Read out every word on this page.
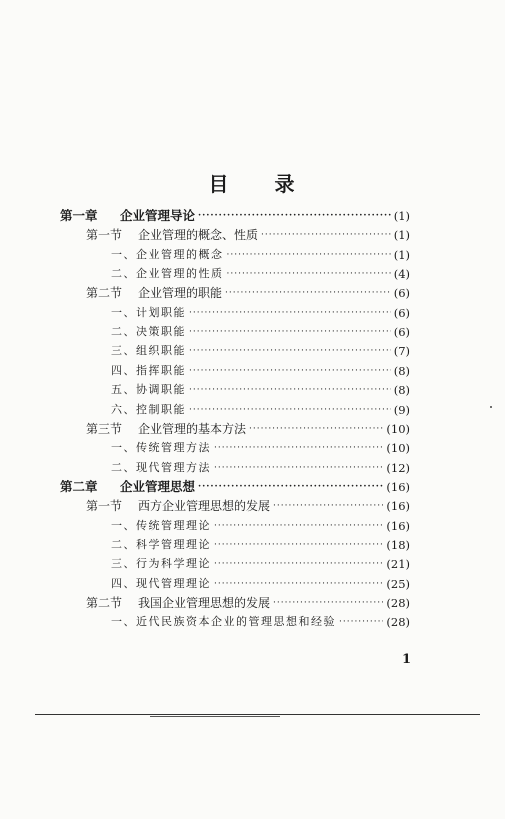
目 录
第一章 企业管理导论 ·····	(1)
第一节 企业管理的概念、性质 ·····	(1)
一、企业管理的概念 ·····	(1)
二、企业管理的性质 ·····	(4)
第二节 企业管理的职能 ·····	(6)
一、计划职能 ·····	(6)
二、决策职能 ·····	(6)
三、组织职能 ·····	(7)
四、指挥职能 ·····	(8)
五、协调职能 ·····	(8)
六、控制职能 ·····	(9)
第三节 企业管理的基本方法 ·····	(10)
一、传统管理方法 ·····	(10)
二、现代管理方法 ·····	(12)
第二章 企业管理思想 ·····	(16)
第一节 西方企业管理思想的发展 ·····	(16)
一、传统管理理论 ·····	(16)
二、科学管理理论 ·····	(18)
三、行为科学理论 ·····	(21)
四、现代管理理论 ·····	(25)
第二节 我国企业管理思想的发展 ·····	(28)
一、近代民族资本企业的管理思想和经验 ·····	(28)
1
